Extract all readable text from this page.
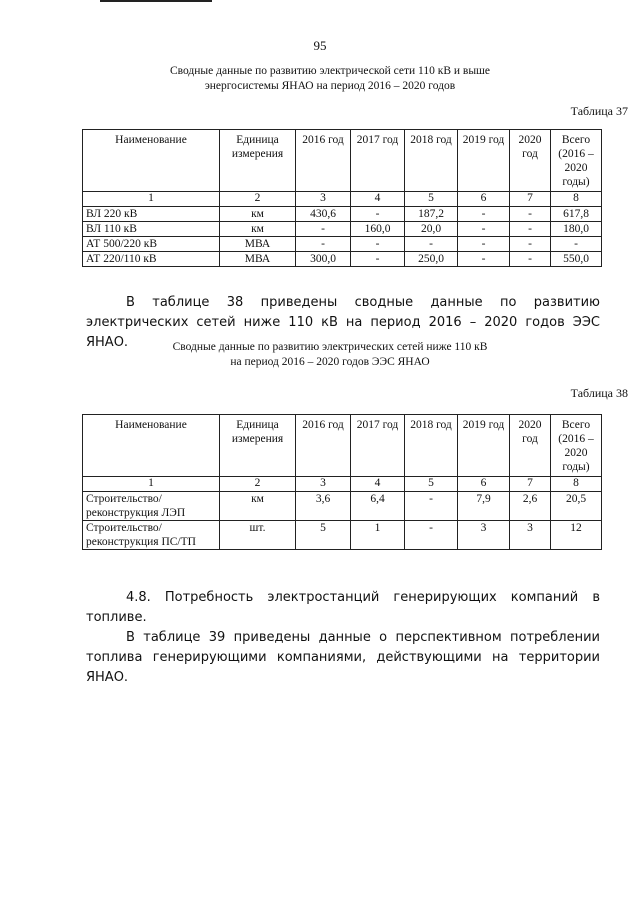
95
Сводные данные по развитию электрической сети 110 кВ и выше
энергосистемы ЯНАО на период 2016 – 2020 годов
Таблица 37
Наименование	Единица измерения	2016 год	2017 год	2018 год	2019 год	2020 год	Всего (2016 – 2020 годы)
1	2	3	4	5	6	7	8
ВЛ 220 кВ	км	430,6	-	187,2	-	-	617,8
ВЛ 110 кВ	км	-	160,0	20,0	-	-	180,0
АТ 500/220 кВ	МВА	-	-	-	-	-	-
АТ 220/110 кВ	МВА	300,0	-	250,0	-	-	550,0

В таблице 38 приведены сводные данные по развитию электрических сетей ниже 110 кВ на период 2016 – 2020 годов ЭЭС ЯНАО.	Сводные данные по развитию электрических сетей ниже 110 кВ
на период 2016 – 2020 годов ЭЭС ЯНАО
Таблица 38
Наименование	Единица измерения	2016 год	2017 год	2018 год	2019 год	2020 год	Всего (2016 – 2020 годы)
1	2	3	4	5	6	7	8
Строительство/ реконструкция ЛЭП	км	3,6	6,4	-	7,9	2,6	20,5
Строительство/ реконструкция ПС/ТП	шт.	5	1	-	3	3	12

4.8. Потребность электростанций генерирующих компаний в топливе.

В таблице 39 приведены данные о перспективном потреблении топлива генерирующими компаниями, действующими на территории ЯНАО.
